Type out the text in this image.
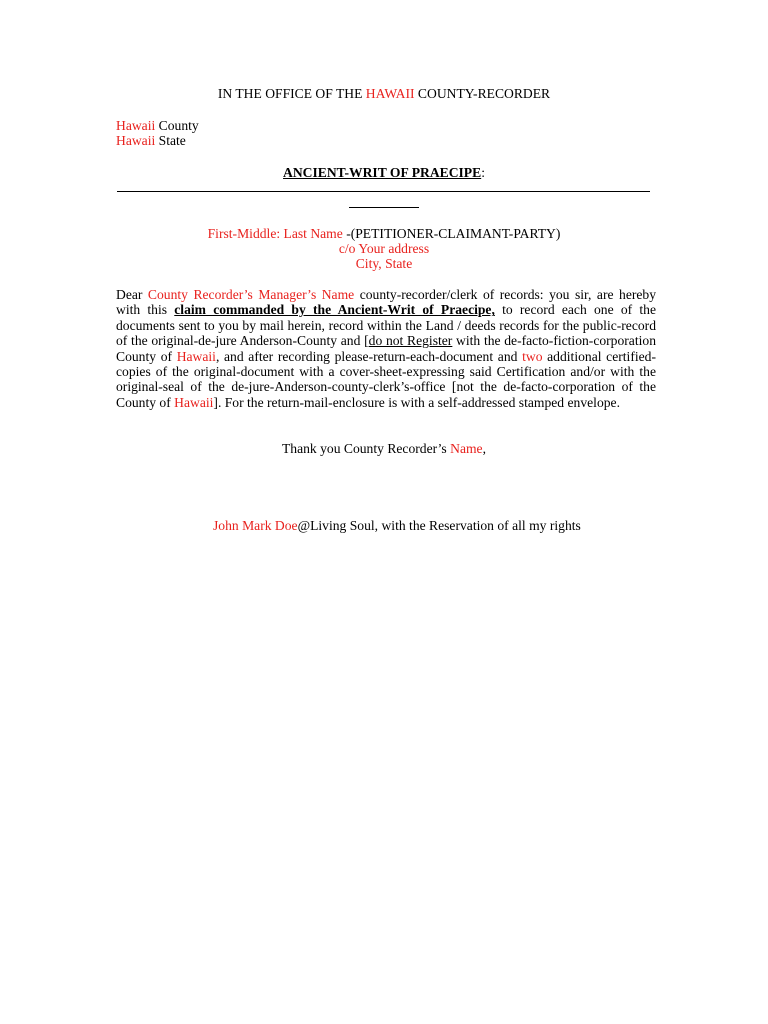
IN THE OFFICE OF THE HAWAII COUNTY-RECORDER
Hawaii County
Hawaii State
ANCIENT-WRIT OF PRAECIPE:
First-Middle: Last Name -(PETITIONER-CLAIMANT-PARTY)
c/o Your address
City, State
Dear County Recorder’s Manager’s Name county-recorder/clerk of records: you sir, are hereby with this claim commanded by the Ancient-Writ of Praecipe, to record each one of the documents sent to you by mail herein, record within the Land / deeds records for the public-record of the original-de-jure Anderson-County and [do not Register with the de-facto-fiction-corporation County of Hawaii, and after recording please-return-each-document and two additional certified-copies of the original-document with a cover-sheet-expressing said Certification and/or with the original-seal of the de-jure-Anderson-county-clerk’s-office [not the de-facto-corporation of the County of Hawaii]. For the return-mail-enclosure is with a self-addressed stamped envelope.
Thank you County Recorder’s Name,
John Mark Doe@Living Soul, with the Reservation of all my rights
